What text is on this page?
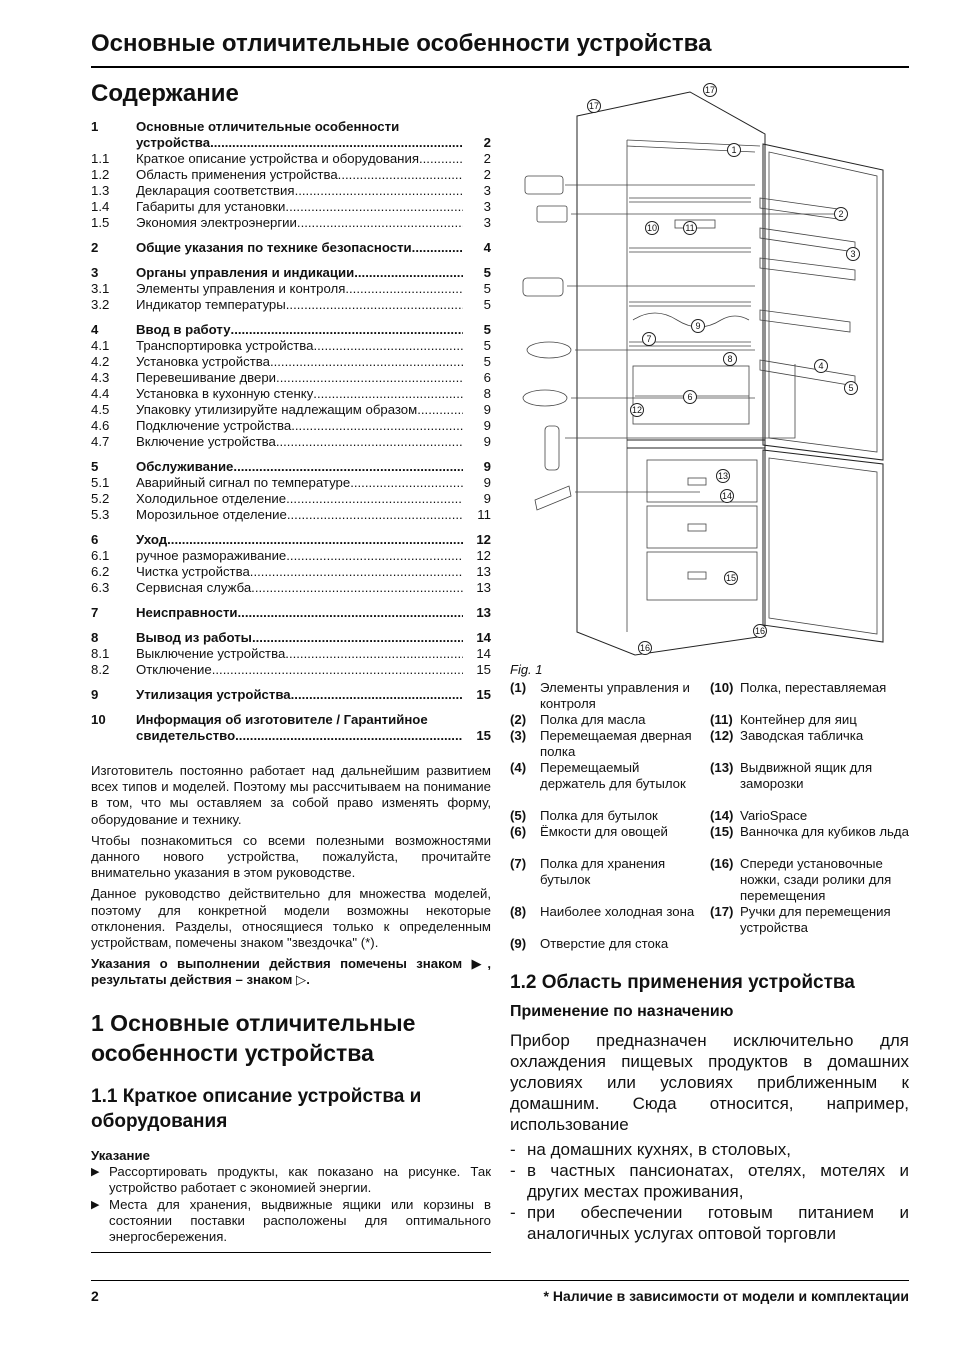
Основные отличительные особенности устройства
Содержание
1	Основные отличительные особенности
устройства .....	2
1.1	Краткое описание устройства и оборудования .....	2
1.2	Область применения устройства .....	2
1.3	Декларация соответствия .....	3
1.4	Габариты для установки .....	3
1.5	Экономия электроэнергии .....	3
2	Общие указания по технике безопасности .....	4
3	Органы управления и индикации .....	5
3.1	Элементы управления и контроля .....	5
3.2	Индикатор температуры .....	5
4	Ввод в работу .....	5
4.1	Транспортировка устройства .....	5
4.2	Установка устройства .....	5
4.3	Перевешивание двери .....	6
4.4	Установка в кухонную стенку .....	8
4.5	Упаковку утилизируйте надлежащим образом .....	9
4.6	Подключение устройства .....	9
4.7	Включение устройства .....	9
5	Обслуживание .....	9
5.1	Аварийный сигнал по температуре .....	9
5.2	Холодильное отделение .....	9
5.3	Морозильное отделение .....	11
6	Уход .....	12
6.1	ручное размораживание .....	12
6.2	Чистка устройства .....	13
6.3	Сервисная служба .....	13
7	Неисправности .....	13
8	Вывод из работы .....	14
8.1	Выключение устройства .....	14
8.2	Отключение .....	15
9	Утилизация устройства .....	15
10	Информация об изготовителе / Гарантийное
свидетельство .....	15

Изготовитель постоянно работает над дальнейшим развитием всех типов и моделей. Поэтому мы рассчитываем на понимание в том, что мы оставляем за собой право изменять форму, оборудование и технику.

Чтобы познакомиться со всеми полезными возможностями данного нового устройства, пожалуйста, прочитайте внимательно указания в этом руководстве.

Данное руководство действительно для множества моделей, поэтому для конкретной модели возможны некоторые отклонения. Разделы, относящиеся только к определенным устройствам, помечены знаком "звездочка" (*).

Указания о выполнении действия помечены знаком ▶, результаты действия – знаком ▷.

1 Основные отличительные особенности устройства
1.1 Краткое описание устройства и оборудования
Указание
▶ Рассортировать продукты, как показано на рисунке. Так устройство работает с экономией энергии.
▶ Места для хранения, выдвижные ящики или корзины в состоянии поставки расположены для оптимального энергосбережения.
1
2
3
4
5
6
7
8
9
10	11
12
13
14
15
16
16
17
17
Fig. 1
(1)	Элементы управления и контроля
(2)	Полка для масла
(3)	Перемещаемая дверная полка
(4)	Перемещаемый держатель для бутылок
(5)	Полка для бутылок
(6)	Ёмкости для овощей
(7)	Полка для хранения бутылок
(8)	Наиболее холодная зона
(9)	Отверстие для стока
(10) Полка, переставляемая
(11) Контейнер для яиц
(12) Заводская табличка
(13) Выдвижной ящик для заморозки
(14) VarioSpace
(15) Ванночка для кубиков льда
(16) Спереди установочные ножки, сзади ролики для перемещения
(17) Ручки для перемещения устройства
1.2 Область применения устройства
Применение по назначению
Прибор предназначен исключительно для охлаждения пищевых продуктов в домашних условиях или условиях приближенным к домашним. Сюда относится, например, использование
- на домашних кухнях, в столовых,
- в частных пансионатах, отелях, мотелях и других местах проживания,
- при обеспечении готовым питанием и аналогичных услугах оптовой торговли
2	* Наличие в зависимости от модели и комплектации
